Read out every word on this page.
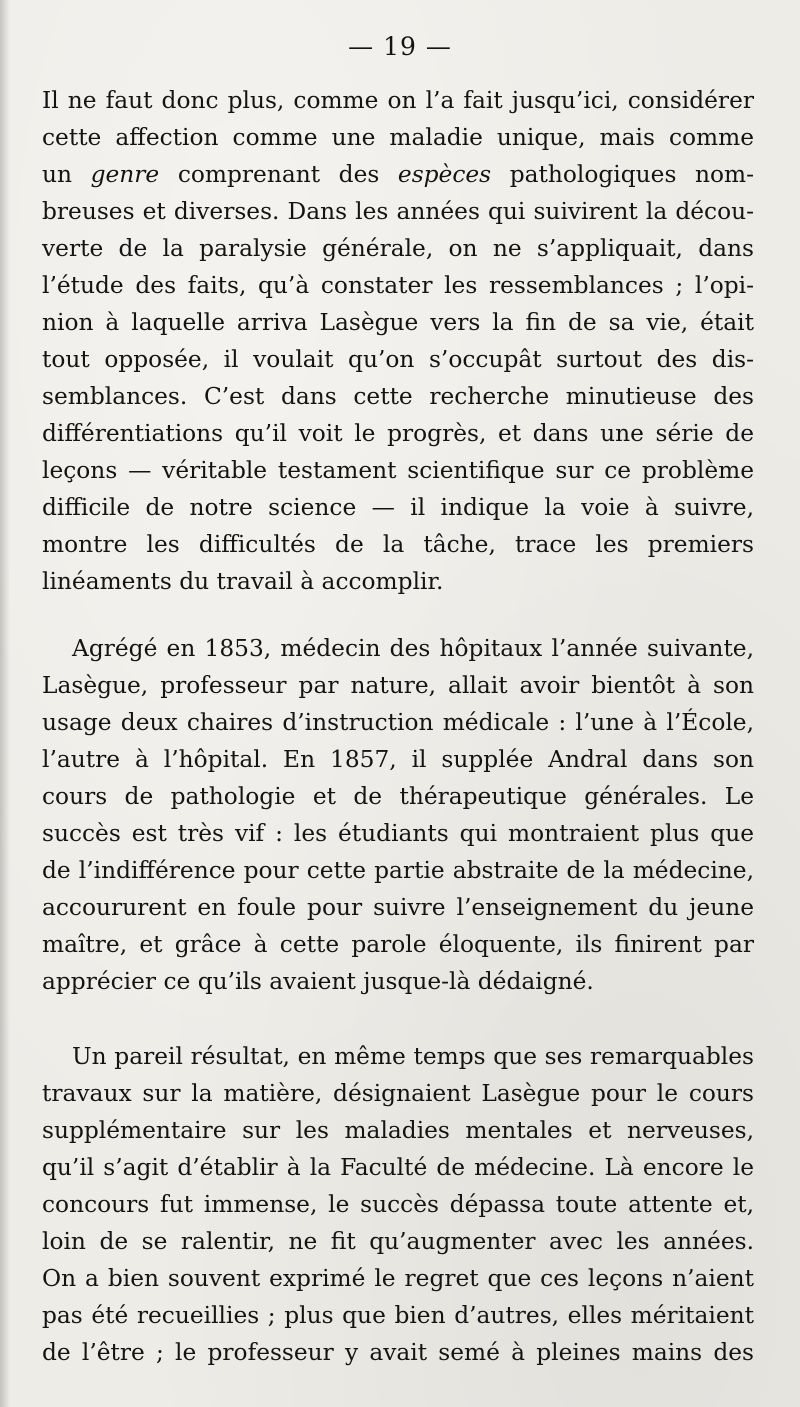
— 19 —
Il ne faut donc plus, comme on l’a fait jusqu’ici, considérer
cette affection comme une maladie unique, mais comme
un genre comprenant des espèces pathologiques nom-
breuses et diverses. Dans les années qui suivirent la décou-
verte de la paralysie générale, on ne s’appliquait, dans
l’étude des faits, qu’à constater les ressemblances ; l’opi-
nion à laquelle arriva Lasègue vers la fin de sa vie, était
tout opposée, il voulait qu’on s’occupât surtout des dis-
semblances. C’est dans cette recherche minutieuse des
différentiations qu’il voit le progrès, et dans une série de
leçons — véritable testament scientifique sur ce problème
difficile de notre science — il indique la voie à suivre,
montre les difficultés de la tâche, trace les premiers
linéaments du travail à accomplir.
Agrégé en 1853, médecin des hôpitaux l’année suivante,
Lasègue, professeur par nature, allait avoir bientôt à son
usage deux chaires d’instruction médicale : l’une à l’École,
l’autre à l’hôpital. En 1857, il supplée Andral dans son
cours de pathologie et de thérapeutique générales. Le
succès est très vif : les étudiants qui montraient plus que
de l’indifférence pour cette partie abstraite de la médecine,
accoururent en foule pour suivre l’enseignement du jeune
maître, et grâce à cette parole éloquente, ils finirent par
apprécier ce qu’ils avaient jusque-là dédaigné.
Un pareil résultat, en même temps que ses remarquables
travaux sur la matière, désignaient Lasègue pour le cours
supplémentaire sur les maladies mentales et nerveuses,
qu’il s’agit d’établir à la Faculté de médecine. Là encore le
concours fut immense, le succès dépassa toute attente et,
loin de se ralentir, ne fit qu’augmenter avec les années.
On a bien souvent exprimé le regret que ces leçons n’aient
pas été recueillies ; plus que bien d’autres, elles méritaient
de l’être ; le professeur y avait semé à pleines mains des
